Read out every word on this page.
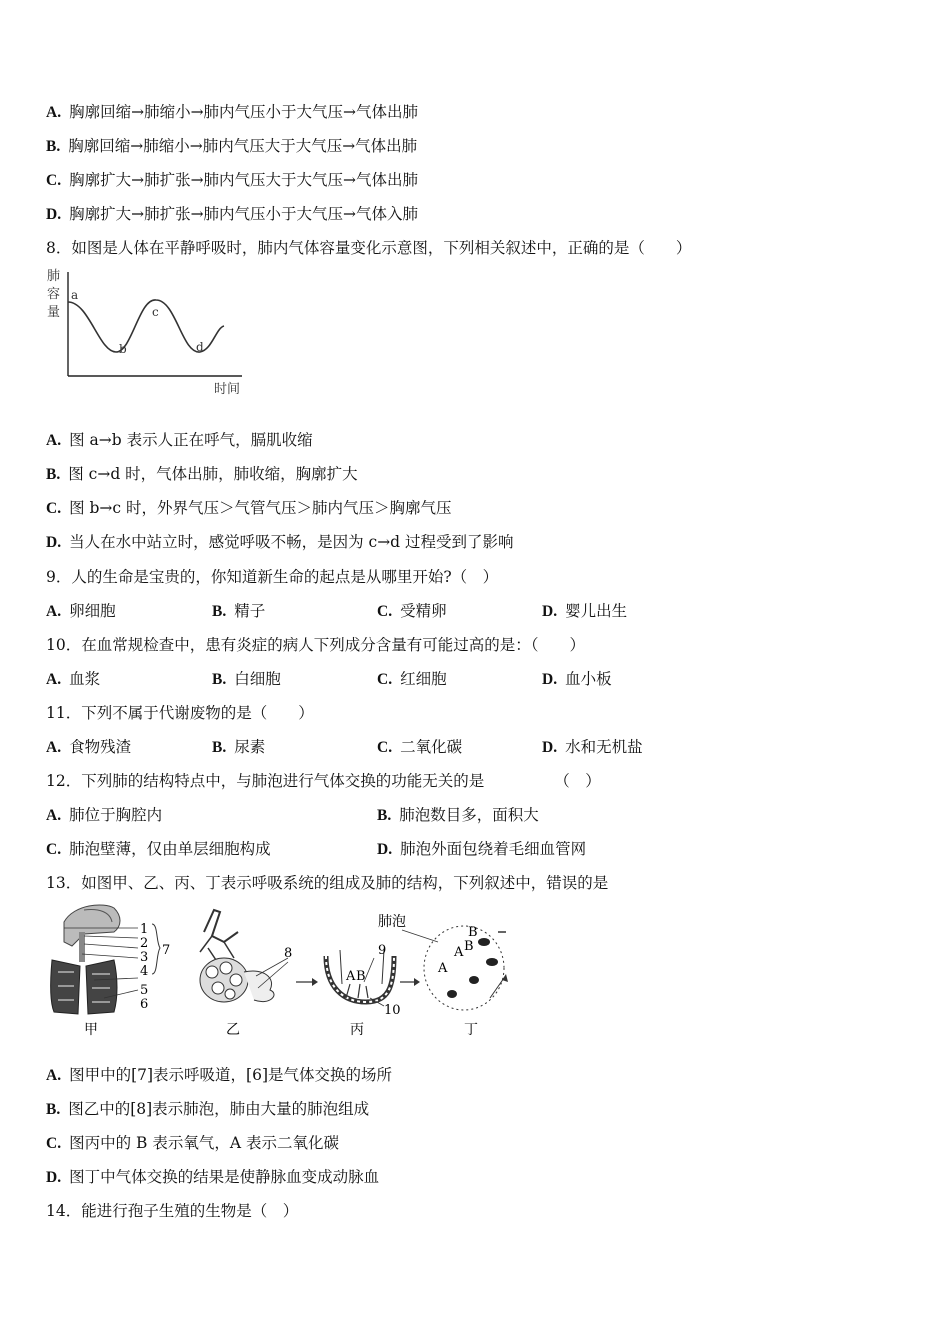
A. 胸廓回缩→肺缩小→肺内气压小于大气压→气体出肺
B. 胸廓回缩→肺缩小→肺内气压大于大气压→气体出肺
C. 胸廓扩大→肺扩张→肺内气压大于大气压→气体出肺
D. 胸廓扩大→肺扩张→肺内气压小于大气压→气体入肺
8．如图是人体在平静呼吸时，肺内气体容量变化示意图，下列相关叙述中，正确的是（　　）
肺
容
量
a
b
c
d
时间
A. 图 a→b 表示人正在呼气，膈肌收缩
B. 图 c→d 时，气体出肺，肺收缩，胸廓扩大
C. 图 b→c 时，外界气压＞气管气压＞肺内气压＞胸廓气压
D. 当人在水中站立时，感觉呼吸不畅，是因为 c→d 过程受到了影响
9．人的生命是宝贵的，你知道新生命的起点是从哪里开始?（　）
A. 卵细胞	B. 精子	C. 受精卵	D. 婴儿出生
10．在血常规检查中，患有炎症的病人下列成分含量有可能过高的是：（　　）
A. 血浆	B. 白细胞	C. 红细胞	D. 血小板
11．下列不属于代谢废物的是（　　）
A. 食物残渣	B. 尿素	C. 二氧化碳	D. 水和无机盐
12．下列肺的结构特点中，与肺泡进行气体交换的功能无关的是	（　）
A. 肺位于胸腔内	B. 肺泡数目多，面积大
C. 肺泡壁薄，仅由单层细胞构成	D. 肺泡外面包绕着毛细血管网
13．如图甲、乙、丙、丁表示呼吸系统的组成及肺的结构，下列叙述中，错误的是
1
2
3
4
5
6
7
甲
8
乙
A B
9
10
丙
肺泡
B
A B
A
丁
A. 图甲中的[7]表示呼吸道，[6]是气体交换的场所
B. 图乙中的[8]表示肺泡，肺由大量的肺泡组成
C. 图丙中的 B 表示氧气，A 表示二氧化碳
D. 图丁中气体交换的结果是使静脉血变成动脉血
14．能进行孢子生殖的生物是（　）
